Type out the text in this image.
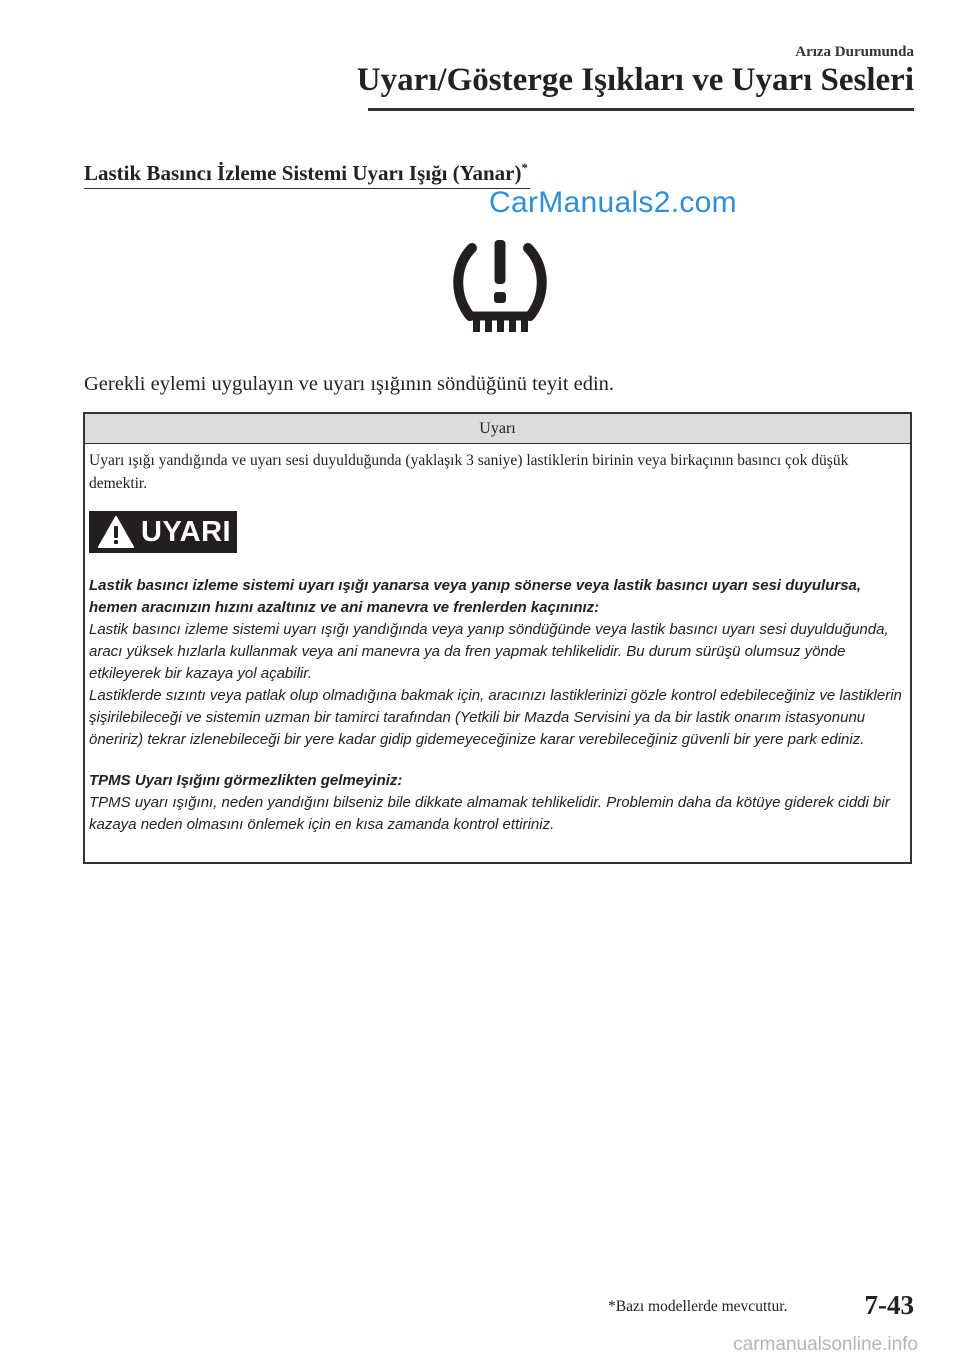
Arıza Durumunda
Uyarı/Gösterge Işıkları ve Uyarı Sesleri
Lastik Basıncı İzleme Sistemi Uyarı Işığı (Yanar)*
CarManuals2.com
Gerekli eylemi uygulayın ve uyarı ışığının söndüğünü teyit edin.
Uyarı

Uyarı ışığı yandığında ve uyarı sesi duyulduğunda (yaklaşık 3 saniye) lastiklerin birinin veya birkaçının basıncı çok düşük demektir.

UYARI

Lastik basıncı izleme sistemi uyarı ışığı yanarsa veya yanıp sönerse veya lastik basıncı uyarı sesi duyulursa, hemen aracınızın hızını azaltınız ve ani manevra ve frenlerden kaçınınız:

Lastik basıncı izleme sistemi uyarı ışığı yandığında veya yanıp söndüğünde veya lastik basıncı uyarı sesi duyulduğunda, aracı yüksek hızlarla kullanmak veya ani manevra ya da fren yapmak tehlikelidir. Bu durum sürüşü olumsuz yönde etkileyerek bir kazaya yol açabilir.

Lastiklerde sızıntı veya patlak olup olmadığına bakmak için, aracınızı lastiklerinizi gözle kontrol edebileceğiniz ve lastiklerin şişirilebileceği ve sistemin uzman bir tamirci tarafından (Yetkili bir Mazda Servisini ya da bir lastik onarım istasyonunu öneririz) tekrar izlenebileceği bir yere kadar gidip gidemeyeceğinize karar verebileceğiniz güvenli bir yere park ediniz.

TPMS Uyarı Işığını görmezlikten gelmeyiniz:

TPMS uyarı ışığını, neden yandığını bilseniz bile dikkate almamak tehlikelidir. Problemin daha da kötüye giderek ciddi bir kazaya neden olmasını önlemek için en kısa zamanda kontrol ettiriniz.

*Bazı modellerde mevcuttur.	7-43
carmanualsonline.info
